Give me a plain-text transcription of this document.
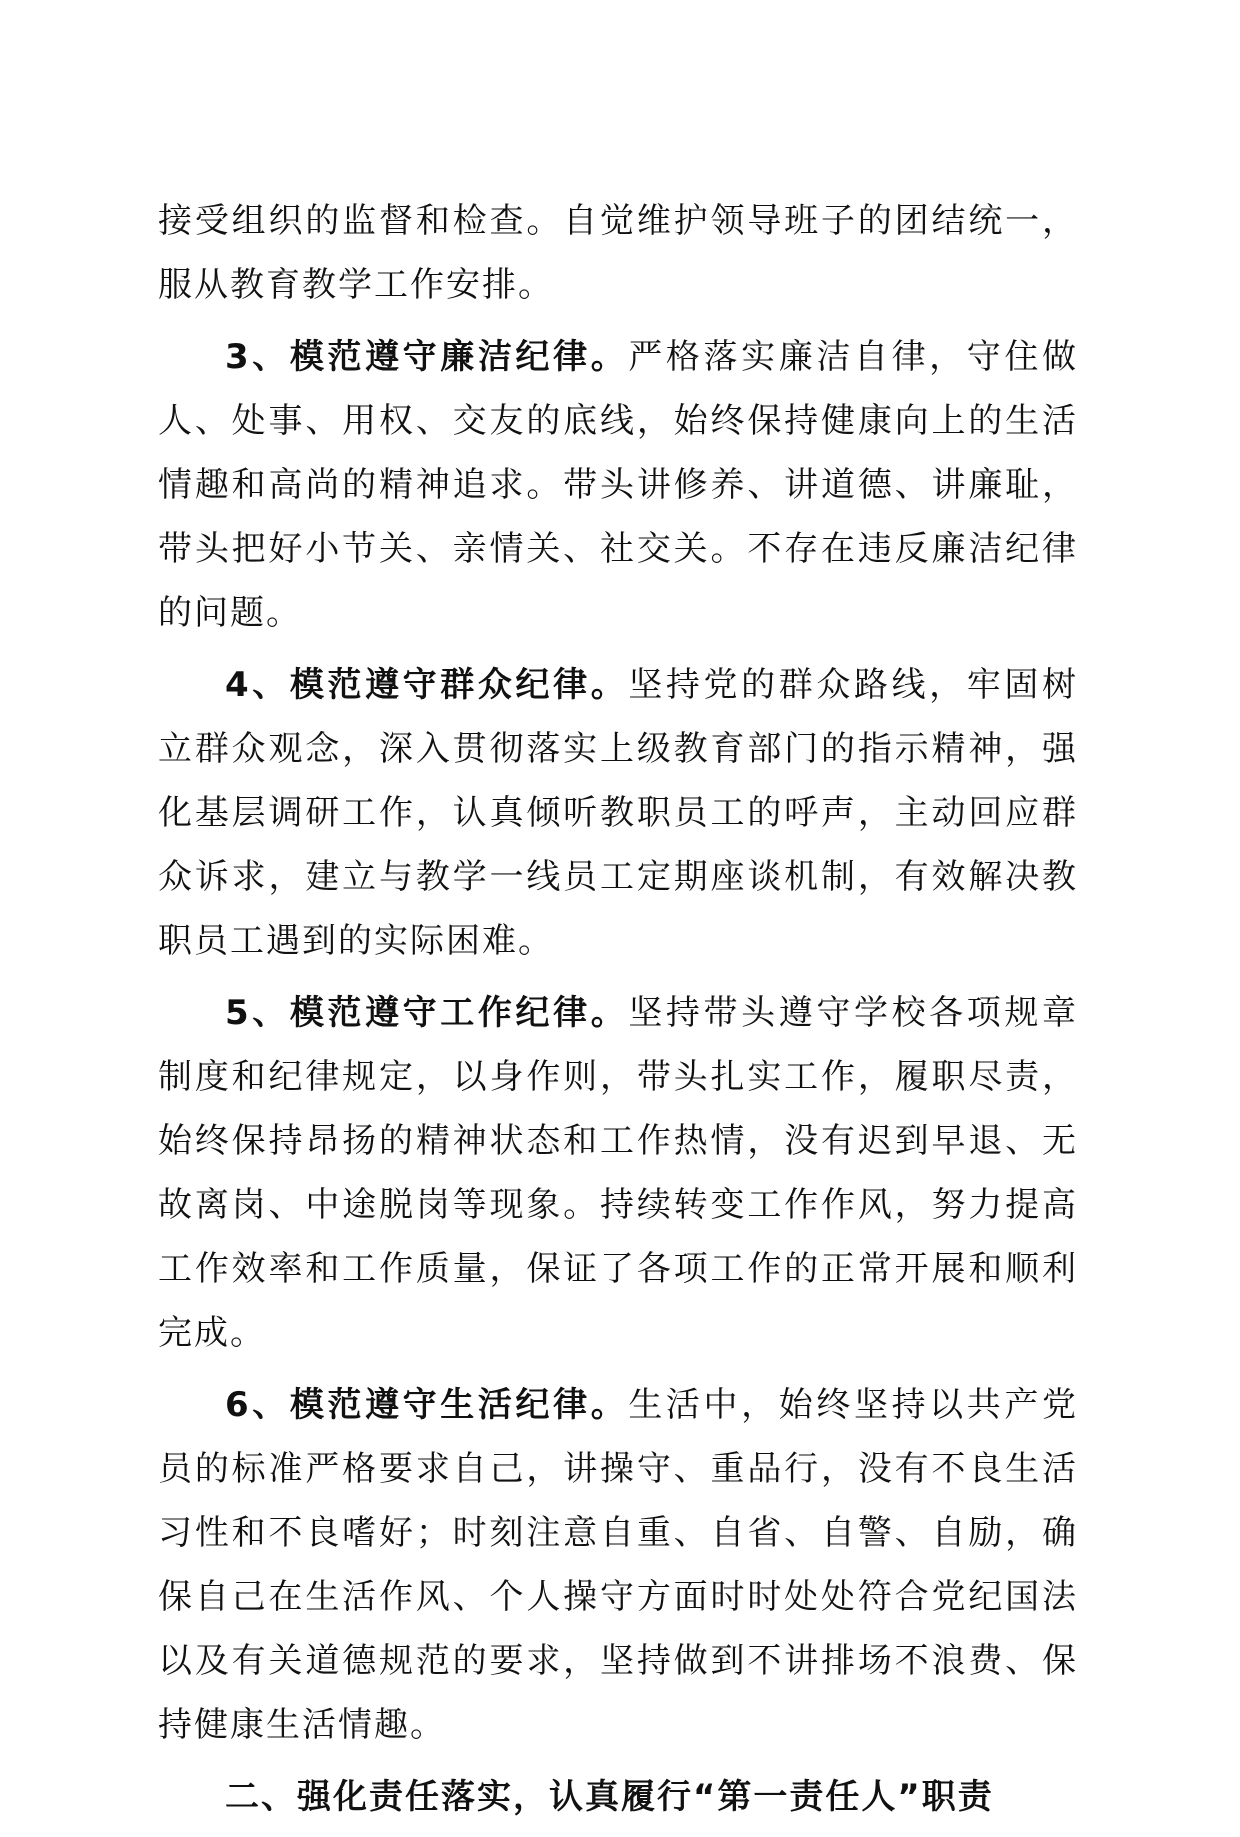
接受组织的监督和检查。自觉维护领导班子的团结统一，服从教育教学工作安排。

3、模范遵守廉洁纪律。严格落实廉洁自律，守住做人、处事、用权、交友的底线，始终保持健康向上的生活情趣和高尚的精神追求。带头讲修养、讲道德、讲廉耻，带头把好小节关、亲情关、社交关。不存在违反廉洁纪律的问题。

4、模范遵守群众纪律。坚持党的群众路线，牢固树立群众观念，深入贯彻落实上级教育部门的指示精神，强化基层调研工作，认真倾听教职员工的呼声，主动回应群众诉求，建立与教学一线员工定期座谈机制，有效解决教职员工遇到的实际困难。

5、模范遵守工作纪律。坚持带头遵守学校各项规章制度和纪律规定，以身作则，带头扎实工作，履职尽责，始终保持昂扬的精神状态和工作热情，没有迟到早退、无故离岗、中途脱岗等现象。持续转变工作作风，努力提高工作效率和工作质量，保证了各项工作的正常开展和顺利完成。

6、模范遵守生活纪律。生活中，始终坚持以共产党员的标准严格要求自己，讲操守、重品行，没有不良生活习性和不良嗜好；时刻注意自重、自省、自警、自励，确保自己在生活作风、个人操守方面时时处处符合党纪国法以及有关道德规范的要求，坚持做到不讲排场不浪费、保持健康生活情趣。

二、强化责任落实，认真履行“第一责任人”职责
